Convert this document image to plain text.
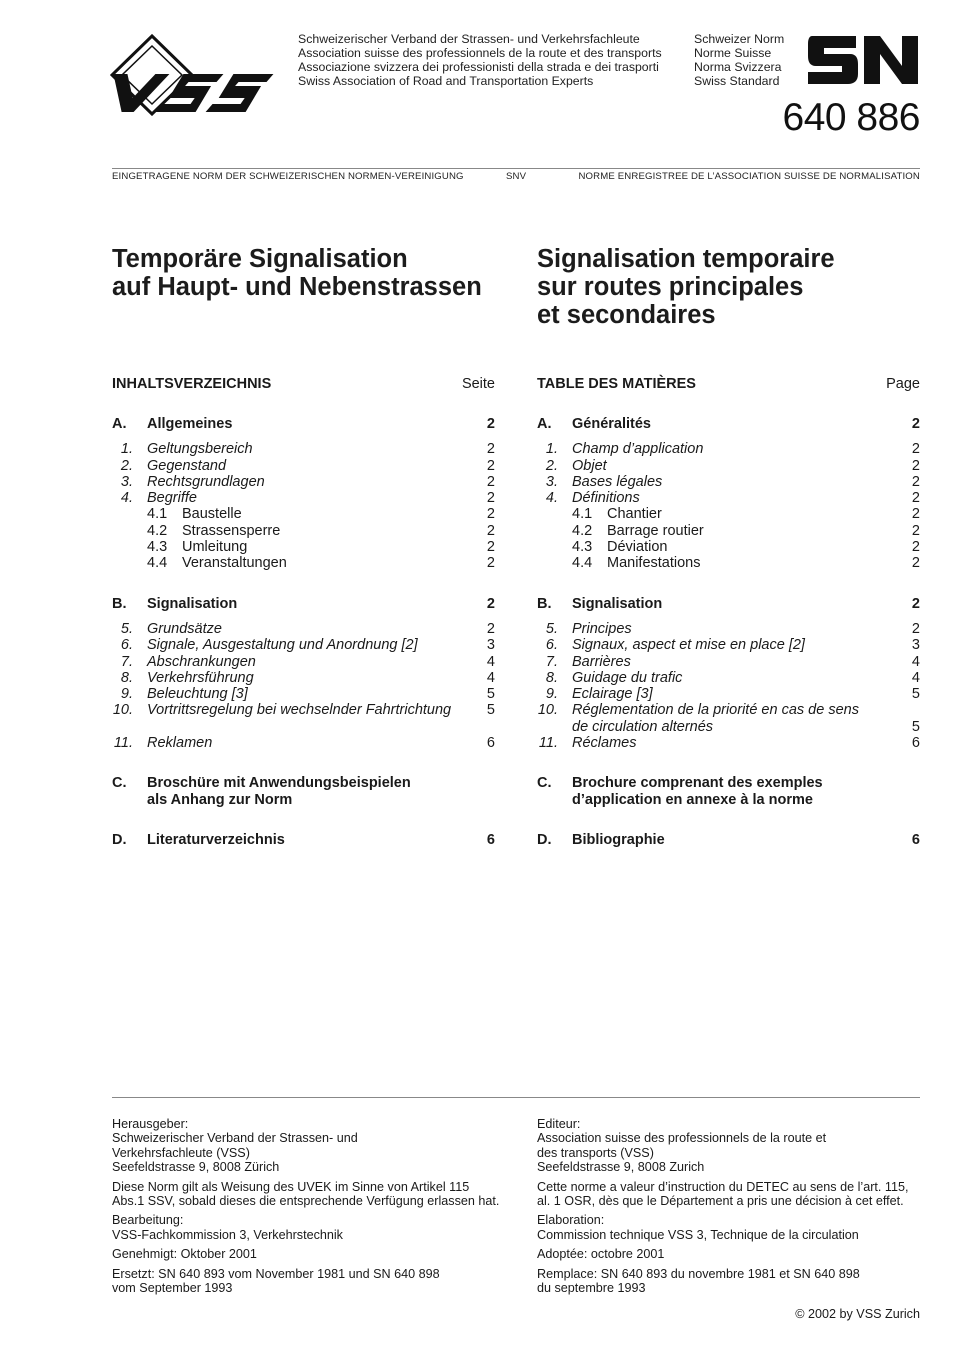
Schweizerischer Verband der Strassen- und Verkehrsfachleute
Association suisse des professionnels de la route et des transports
Associazione svizzera dei professionisti della strada e dei trasporti
Swiss Association of Road and Transportation Experts
Schweizer Norm
Norme Suisse
Norma Svizzera
Swiss Standard
640 886
EINGETRAGENE NORM DER SCHWEIZERISCHEN NORMEN-VEREINIGUNG	SNV	NORME ENREGISTREE DE L’ASSOCIATION SUISSE DE NORMALISATION
Temporäre Signalisation
auf Haupt- und Nebenstrassen
Signalisation temporaire
sur routes principales
et secondaires
INHALTSVERZEICHNIS	Seite
A.	Allgemeines	2
1. Geltungsbereich	2
2. Gegenstand	2
3. Rechtsgrundlagen	2
4. Begriffe	2
4.1	Baustelle	2
4.2	Strassensperre	2
4.3	Umleitung	2
4.4	Veranstaltungen	2
B.	Signalisation	2
5. Grundsätze	2
6. Signale, Ausgestaltung und Anordnung [2]	3
7. Abschrankungen	4
8. Verkehrsführung	4
9. Beleuchtung [3]	5
10. Vortrittsregelung bei wechselnder Fahrtrichtung	5

11. Reklamen	6
C.	Broschüre mit Anwendungsbeispielen
als Anhang zur Norm
D.	Literaturverzeichnis	6
TABLE DES MATIÈRES	Page
A.	Généralités	2
1. Champ d’application	2
2. Objet	2
3. Bases légales	2
4. Définitions	2
4.1	Chantier	2
4.2	Barrage routier	2
4.3	Déviation	2
4.4	Manifestations	2
B.	Signalisation	2
5. Principes	2
6. Signaux, aspect et mise en place [2]	3
7. Barrières	4
8. Guidage du trafic	4
9. Eclairage [3]	5
10. Réglementation de la priorité en cas de sens
de circulation alternés	5
11. Réclames	6
C.	Brochure comprenant des exemples
d’application en annexe à la norme
D.	Bibliographie	6

Herausgeber:
Schweizerischer Verband der Strassen- und
Verkehrsfachleute (VSS)
Seefeldstrasse 9, 8008 Zürich

Diese Norm gilt als Weisung des UVEK im Sinne von Artikel 115
Abs.1 SSV, sobald dieses die entsprechende Verfügung erlassen hat.

Bearbeitung:
VSS-Fachkommission 3, Verkehrstechnik

Genehmigt: Oktober 2001

Ersetzt: SN 640 893 vom November 1981 und SN 640 898
vom September 1993

Editeur:
Association suisse des professionnels de la route et
des transports (VSS)
Seefeldstrasse 9, 8008 Zurich

Cette norme a valeur d’instruction du DETEC au sens de l’art. 115,
al. 1 OSR, dès que le Département a pris une décision à cet effet.

Elaboration:
Commission technique VSS 3, Technique de la circulation

Adoptée: octobre 2001

Remplace: SN 640 893 du novembre 1981 et SN 640 898
du septembre 1993

© 2002 by VSS Zurich
